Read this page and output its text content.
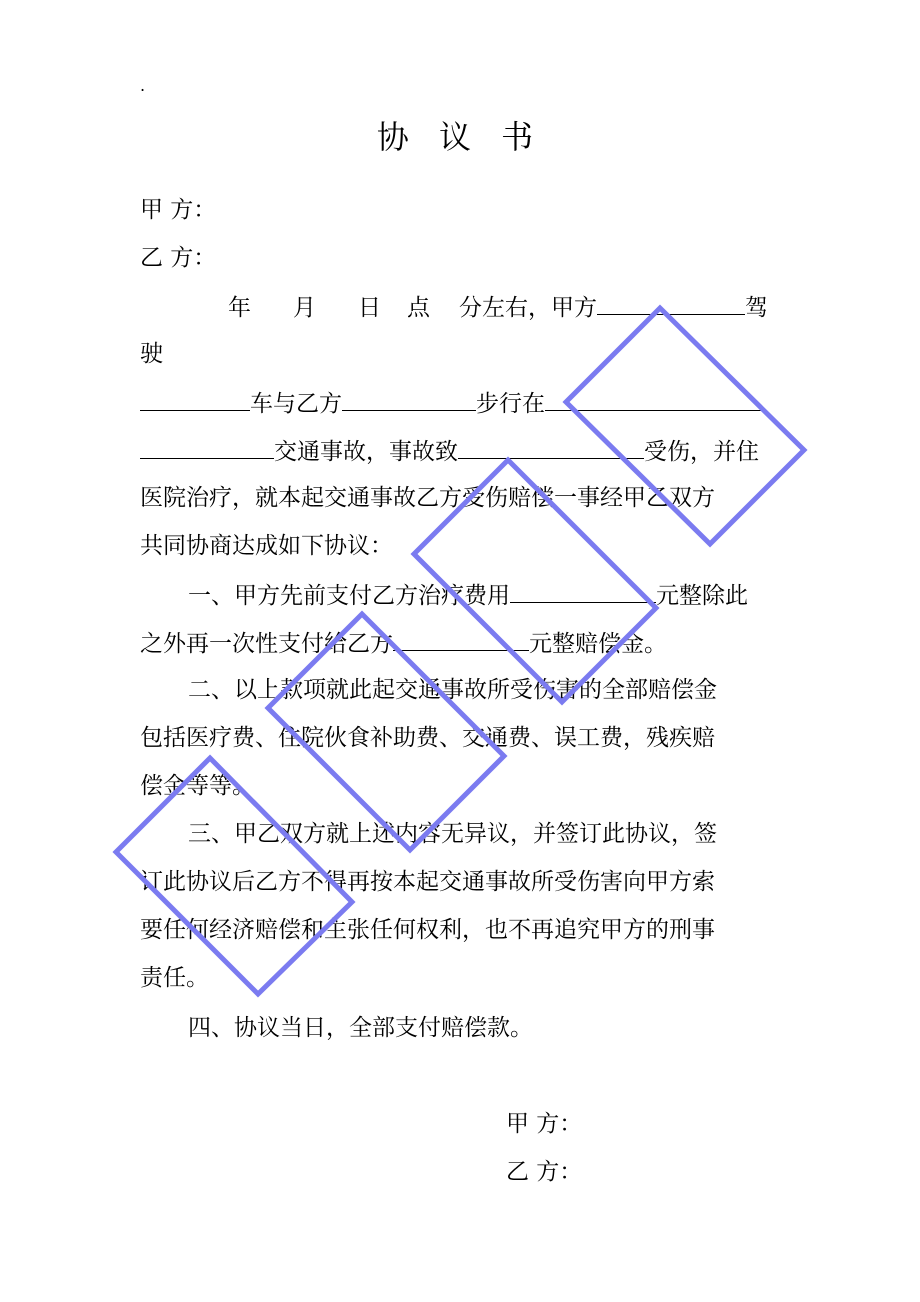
.
协 议 书
甲 方：
乙 方：
年 月 日 点 分左右，甲方	驾
驶
车与乙方	步行在
交通事故，事故致	受伤，并住
医院治疗，就本起交通事故乙方受伤赔偿一事经甲乙双方
共同协商达成如下协议：
一、甲方先前支付乙方治疗费用	元整除此
之外再一次性支付给乙方	元整赔偿金。
二、以上款项就此起交通事故所受伤害的全部赔偿金
包括医疗费、住院伙食补助费、交通费、误工费，残疾赔
偿金等等。
三、甲乙双方就上述内容无异议，并签订此协议，签
订此协议后乙方不得再按本起交通事故所受伤害向甲方索
要任何经济赔偿和主张任何权利，也不再追究甲方的刑事
责任。
四、协议当日，全部支付赔偿款。
甲 方：
乙 方：
